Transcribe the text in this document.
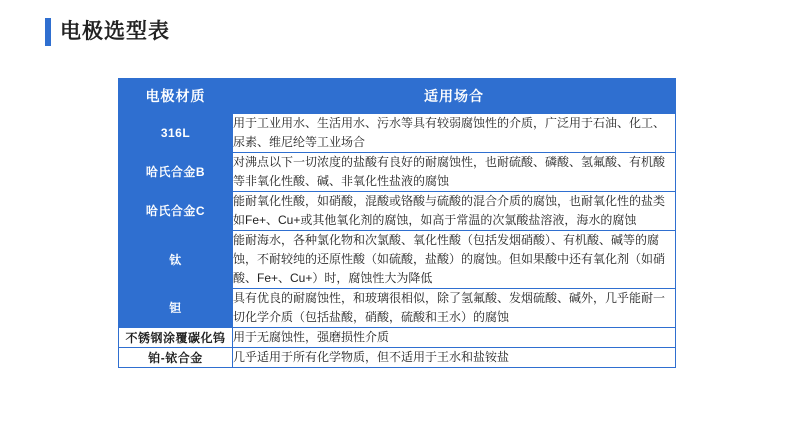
电极选型表
电极材质	适用场合
316L	用于工业用水、生活用水、污水等具有较弱腐蚀性的介质，广泛用于石油、化工、尿素、维尼纶等工业场合
哈氏合金B	对沸点以下一切浓度的盐酸有良好的耐腐蚀性，也耐硫酸、磷酸、氢氟酸、有机酸等非氧化性酸、碱、非氧化性盐液的腐蚀
哈氏合金C	能耐氧化性酸，如硝酸，混酸或铬酸与硫酸的混合介质的腐蚀，也耐氧化性的盐类如Fe+、Cu+或其他氧化剂的腐蚀，如高于常温的次氯酸盐溶液，海水的腐蚀
钛	能耐海水，各种氯化物和次氯酸、氧化性酸（包括发烟硝酸）、有机酸、碱等的腐蚀，不耐较纯的还原性酸（如硫酸，盐酸）的腐蚀。但如果酸中还有氧化剂（如硝酸、Fe+、Cu+）时，腐蚀性大为降低
钽	具有优良的耐腐蚀性，和玻璃很相似，除了氢氟酸、发烟硫酸、碱外，几乎能耐一切化学介质（包括盐酸，硝酸，硫酸和王水）的腐蚀
不锈钢涂覆碳化钨	用于无腐蚀性，强磨损性介质
铂-铱合金	几乎适用于所有化学物质，但不适用于王水和盐铵盐
